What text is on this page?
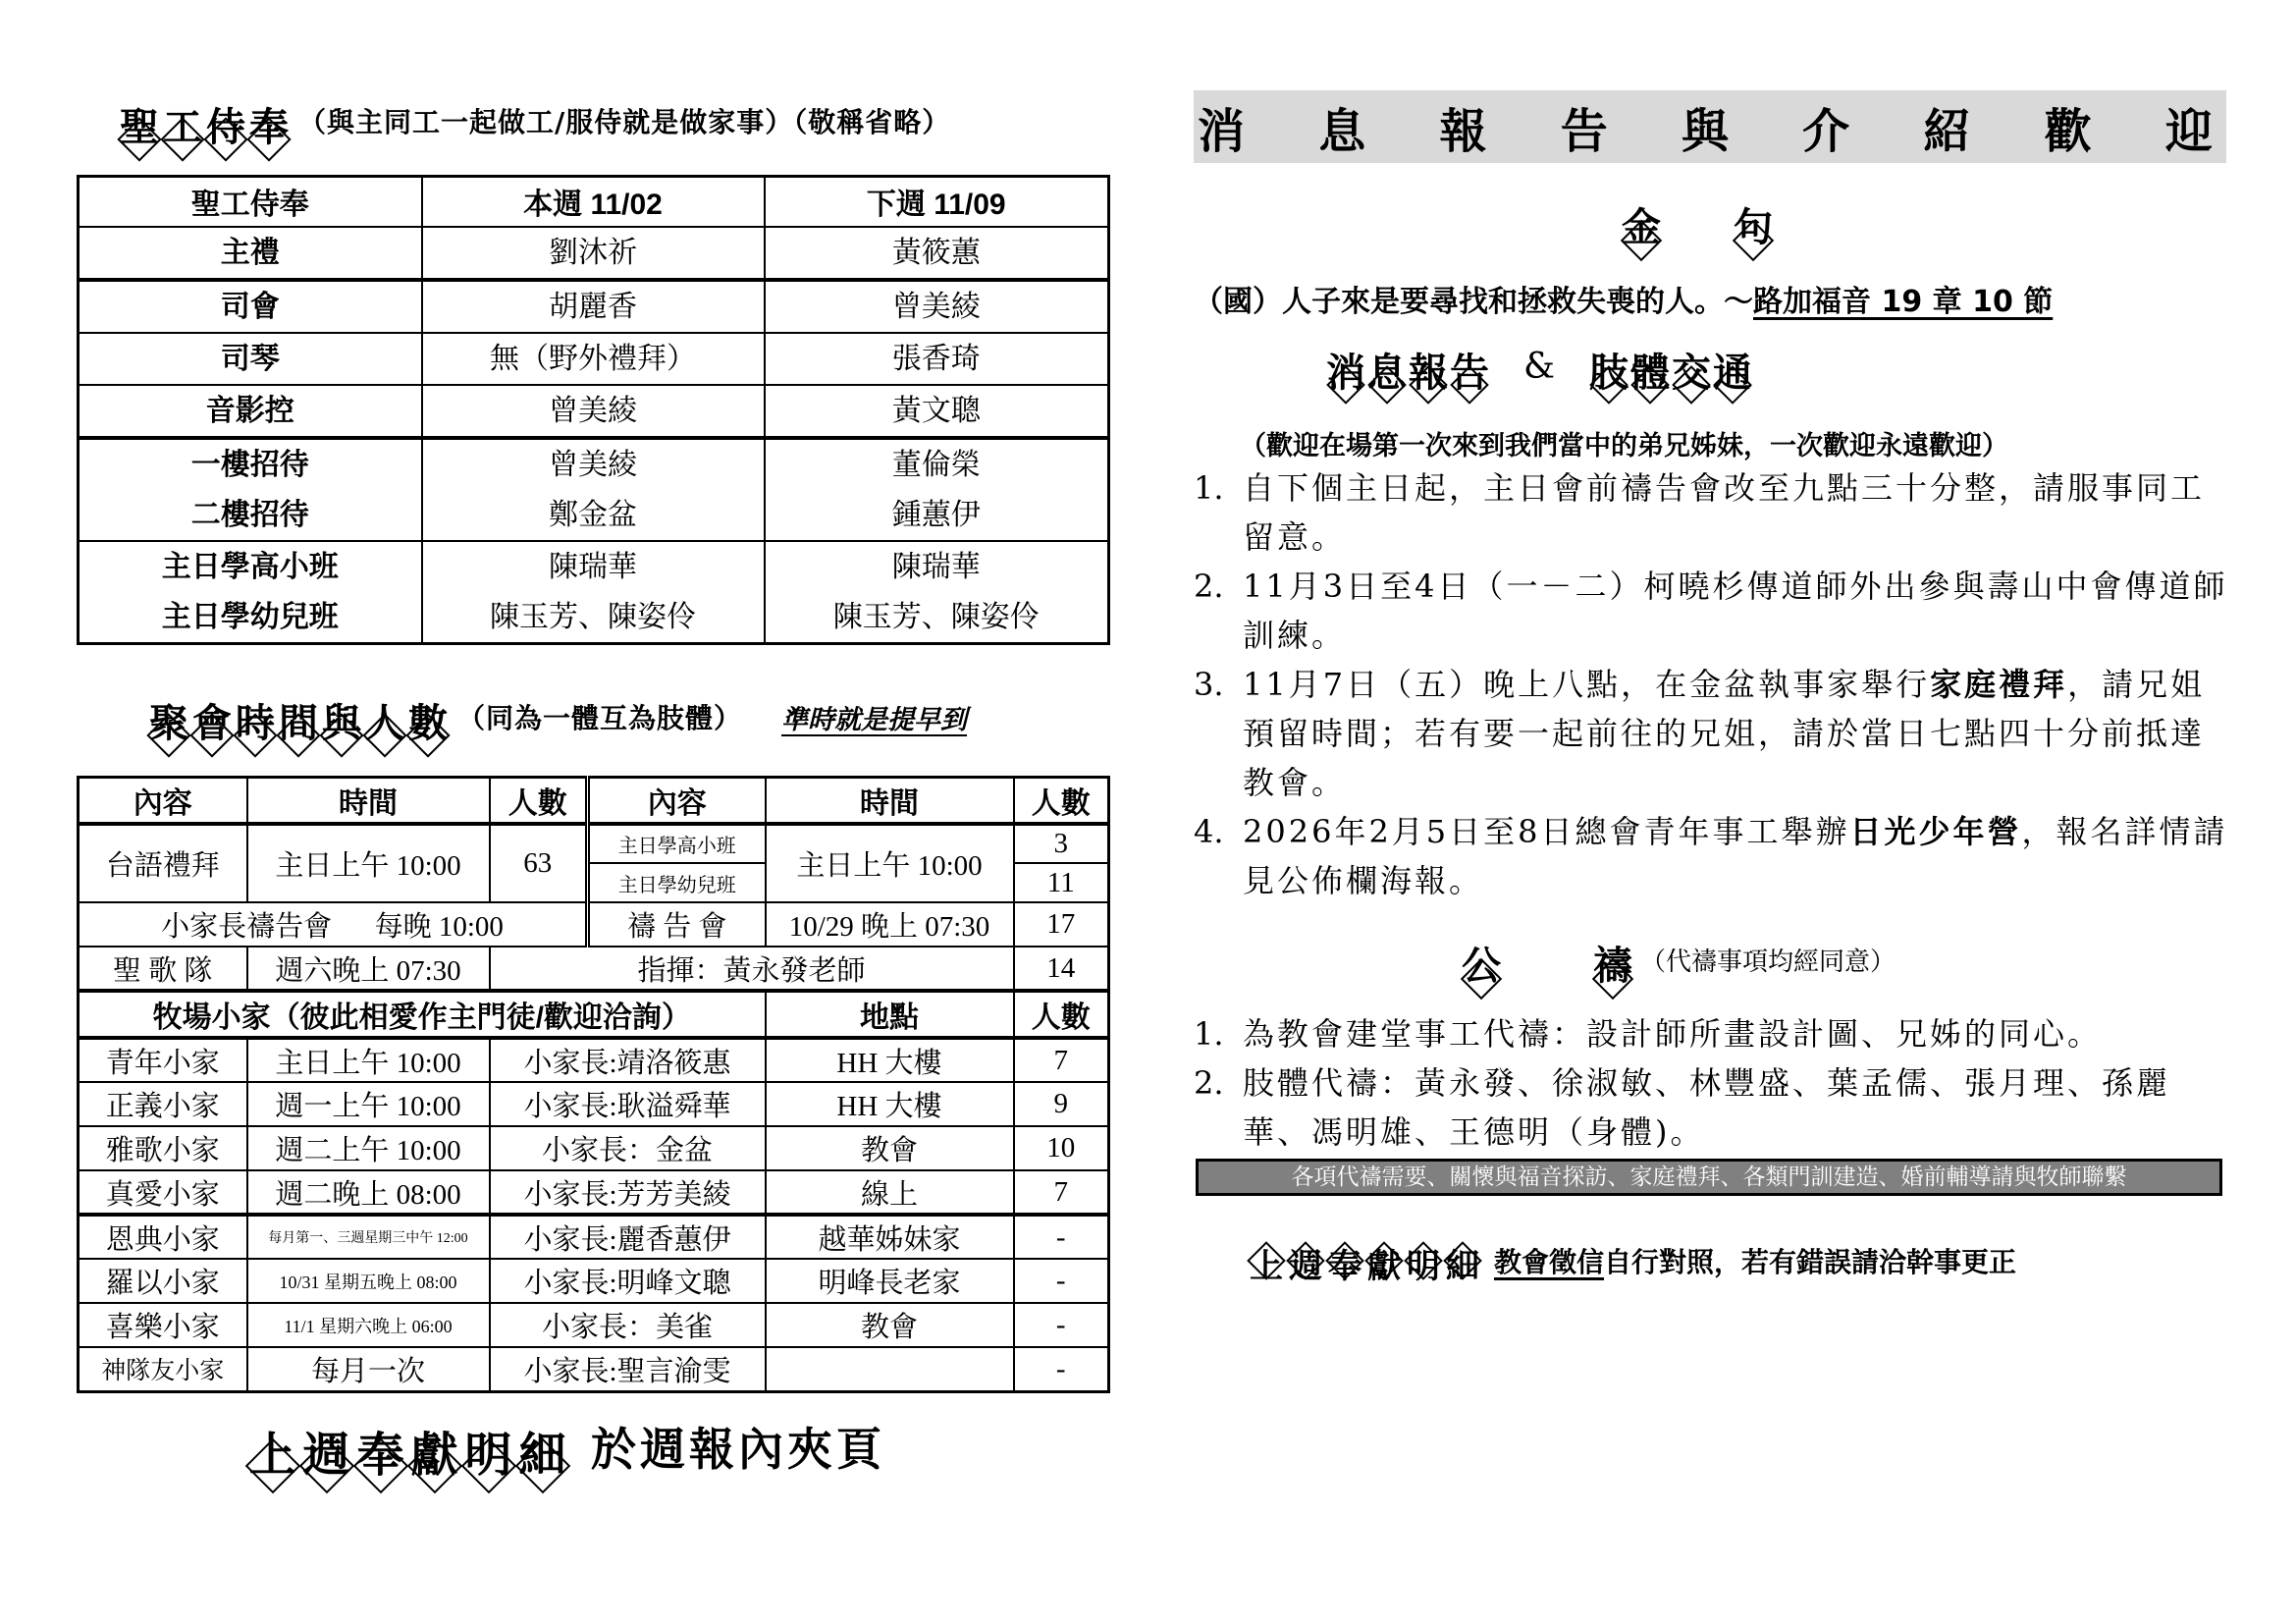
聖 工 侍 奉 （與主同工一起做工/服侍就是做家事）（敬稱省略）
聖工侍奉	本週 11/02	下週 11/09
主禮	劉沐祈	黃筱蕙
司會	胡麗香	曾美綾
司琴	無（野外禮拜）	張香琦
音影控	曾美綾	黃文聰
一樓招待	曾美綾	董倫榮
二樓招待	鄭金盆	鍾蕙伊
主日學高小班	陳瑞華	陳瑞華
主日學幼兒班	陳玉芳、陳姿伶	陳玉芳、陳姿伶
聚 會 時 間 與 人 數 （同為一體互為肢體） 準時就是提早到
內容	時間	人數	內容	時間	人數
台語禮拜	主日上午 10:00	63	主日學高小班	主日上午 10:00	3
			主日學幼兒班		11
小家長禱告會 每晚 10:00			禱 告 會	10/29 晚上 07:30	17
聖 歌 隊	週六晚上 07:30	指揮：黃永發老師			14
牧場小家（彼此相愛作主門徒/歡迎洽詢）				地點	人數
青年小家	主日上午 10:00	小家長:靖洛筱惠		HH 大樓	7
正義小家	週一上午 10:00	小家長:耿溢舜華		HH 大樓	9
雅歌小家	週二上午 10:00	小家長：金盆		教會	10
真愛小家	週二晚上 08:00	小家長:芳芳美綾		線上	7
恩典小家	每月第一、三週星期三中午 12:00	小家長:麗香蕙伊		越華姊妹家	-
羅以小家	10/31 星期五晚上 08:00	小家長:明峰文聰		明峰長老家	-
喜樂小家	11/1 星期六晚上 06:00	小家長：美雀		教會	-
神隊友小家	每月一次	小家長:聖言渝雯			-
上 週 奉 獻 明 細 於週報內夾頁
消 息 報 告 與 介 紹 歡 迎
金 句
（國）人子來是要尋找和拯救失喪的人。～路加福音 19 章 10 節
消 息 報 告 & 肢 體 交 通
（歡迎在場第一次來到我們當中的弟兄姊妹，一次歡迎永遠歡迎）
1. 自下個主日起，主日會前禱告會改至九點三十分整，請服事同工留意。
2. 11月3日至4日（一－二）柯曉杉傳道師外出參與壽山中會傳道師訓練。
3. 11月7日（五）晚上八點，在金盆執事家舉行家庭禮拜，請兄姐預留時間；若有要一起前往的兄姐，請於當日七點四十分前抵達教會。
4. 2026年2月5日至8日總會青年事工舉辦日光少年營，報名詳情請見公佈欄海報。
公 禱 （代禱事項均經同意）
1. 為教會建堂事工代禱：設計師所畫設計圖、兄姊的同心。
2. 肢體代禱：黃永發、徐淑敏、林豐盛、葉孟儒、張月理、孫麗華、馮明雄、王德明（身體)。
各項代禱需要、關懷與福音探訪、家庭禮拜、各類門訓建造、婚前輔導請與牧師聯繫
上 週 奉 獻 明 細 教會徵信 自行對照，若有錯誤請洽幹事更正
